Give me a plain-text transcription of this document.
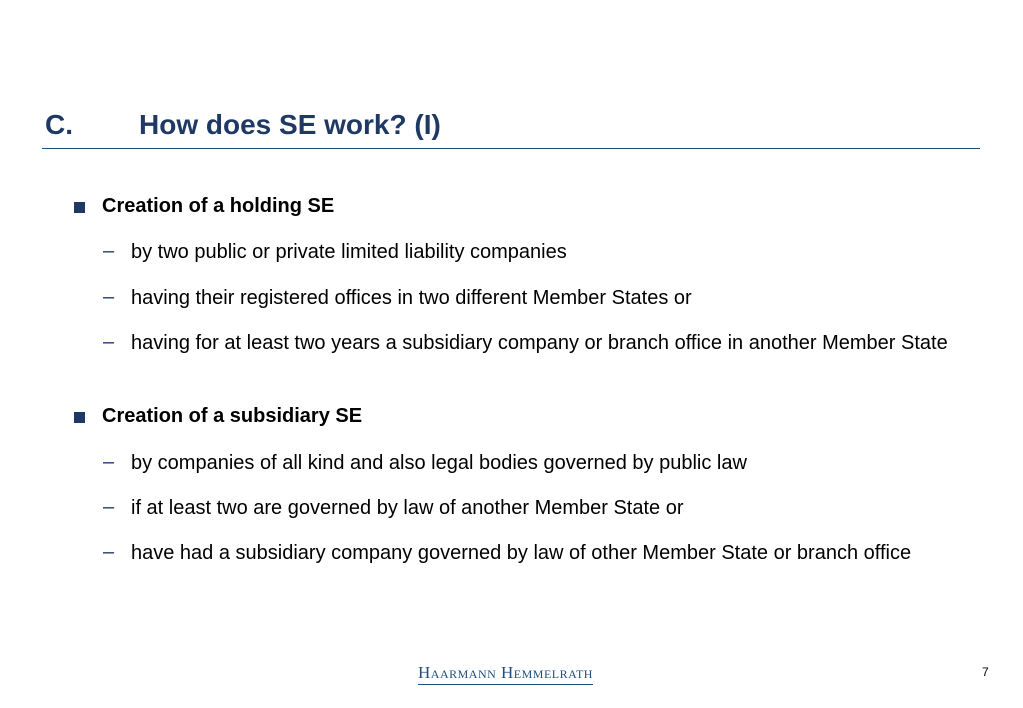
C. How does SE work? (I)
Creation of a holding SE
– by two public or private limited liability companies
– having their registered offices in two different Member States or
– having for at least two years a subsidiary company or branch office in another Member State
Creation of a subsidiary SE
– by companies of all kind and also legal bodies governed by public law
– if at least two are governed by law of another Member State or
– have had a subsidiary company governed by law of other Member State or branch office
Haarmann Hemmelrath	7
